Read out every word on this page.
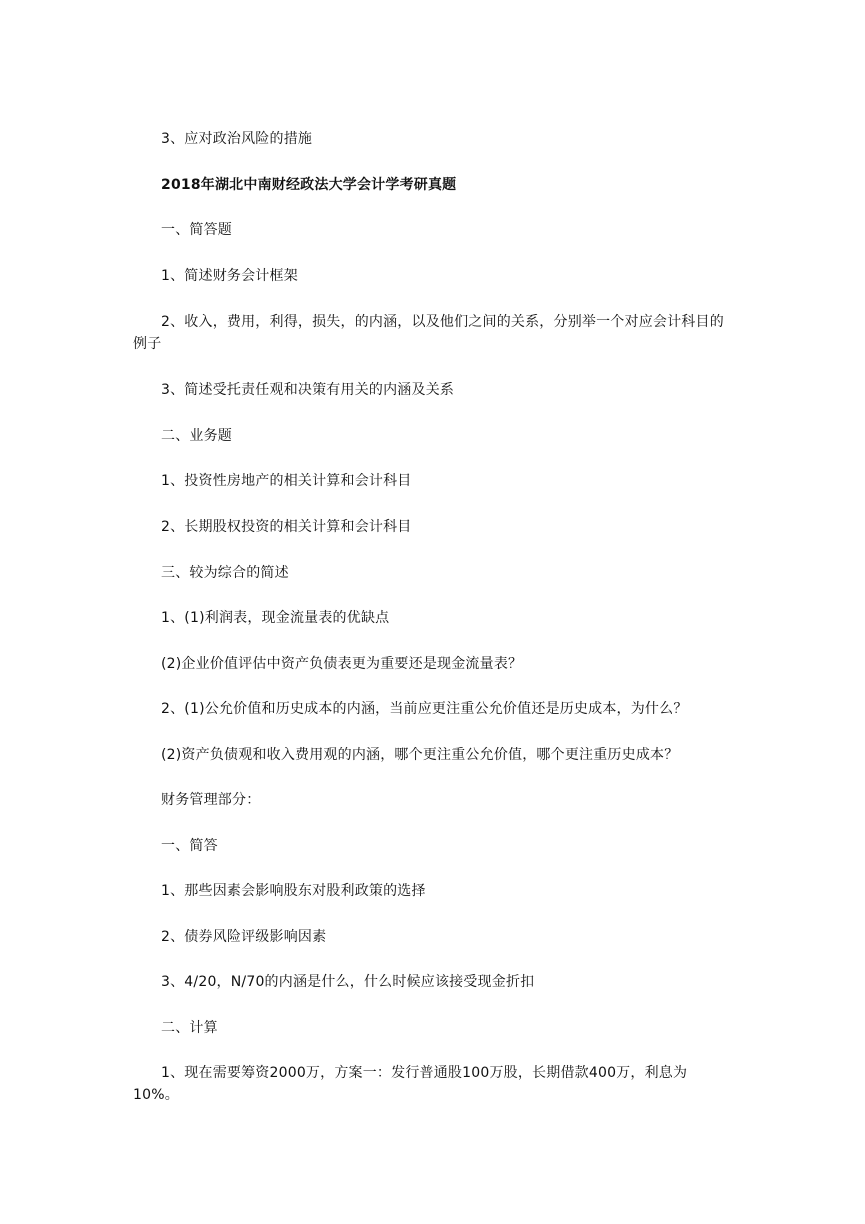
3、应对政治风险的措施

2018年湖北中南财经政法大学会计学考研真题

一、简答题

1、简述财务会计框架

2、收入，费用，利得，损失，的内涵，以及他们之间的关系，分别举一个对应会计科目的例子

3、简述受托责任观和决策有用关的内涵及关系

二、业务题

1、投资性房地产的相关计算和会计科目

2、长期股权投资的相关计算和会计科目

三、较为综合的简述

1、(1)利润表，现金流量表的优缺点

(2)企业价值评估中资产负债表更为重要还是现金流量表？

2、(1)公允价值和历史成本的内涵，当前应更注重公允价值还是历史成本，为什么？

(2)资产负债观和收入费用观的内涵，哪个更注重公允价值，哪个更注重历史成本？

财务管理部分：

一、简答

1、那些因素会影响股东对股利政策的选择

2、债券风险评级影响因素

3、4/20，N/70的内涵是什么，什么时候应该接受现金折扣

二、计算

1、现在需要筹资2000万，方案一：发行普通股100万股，长期借款400万，利息为10%。
